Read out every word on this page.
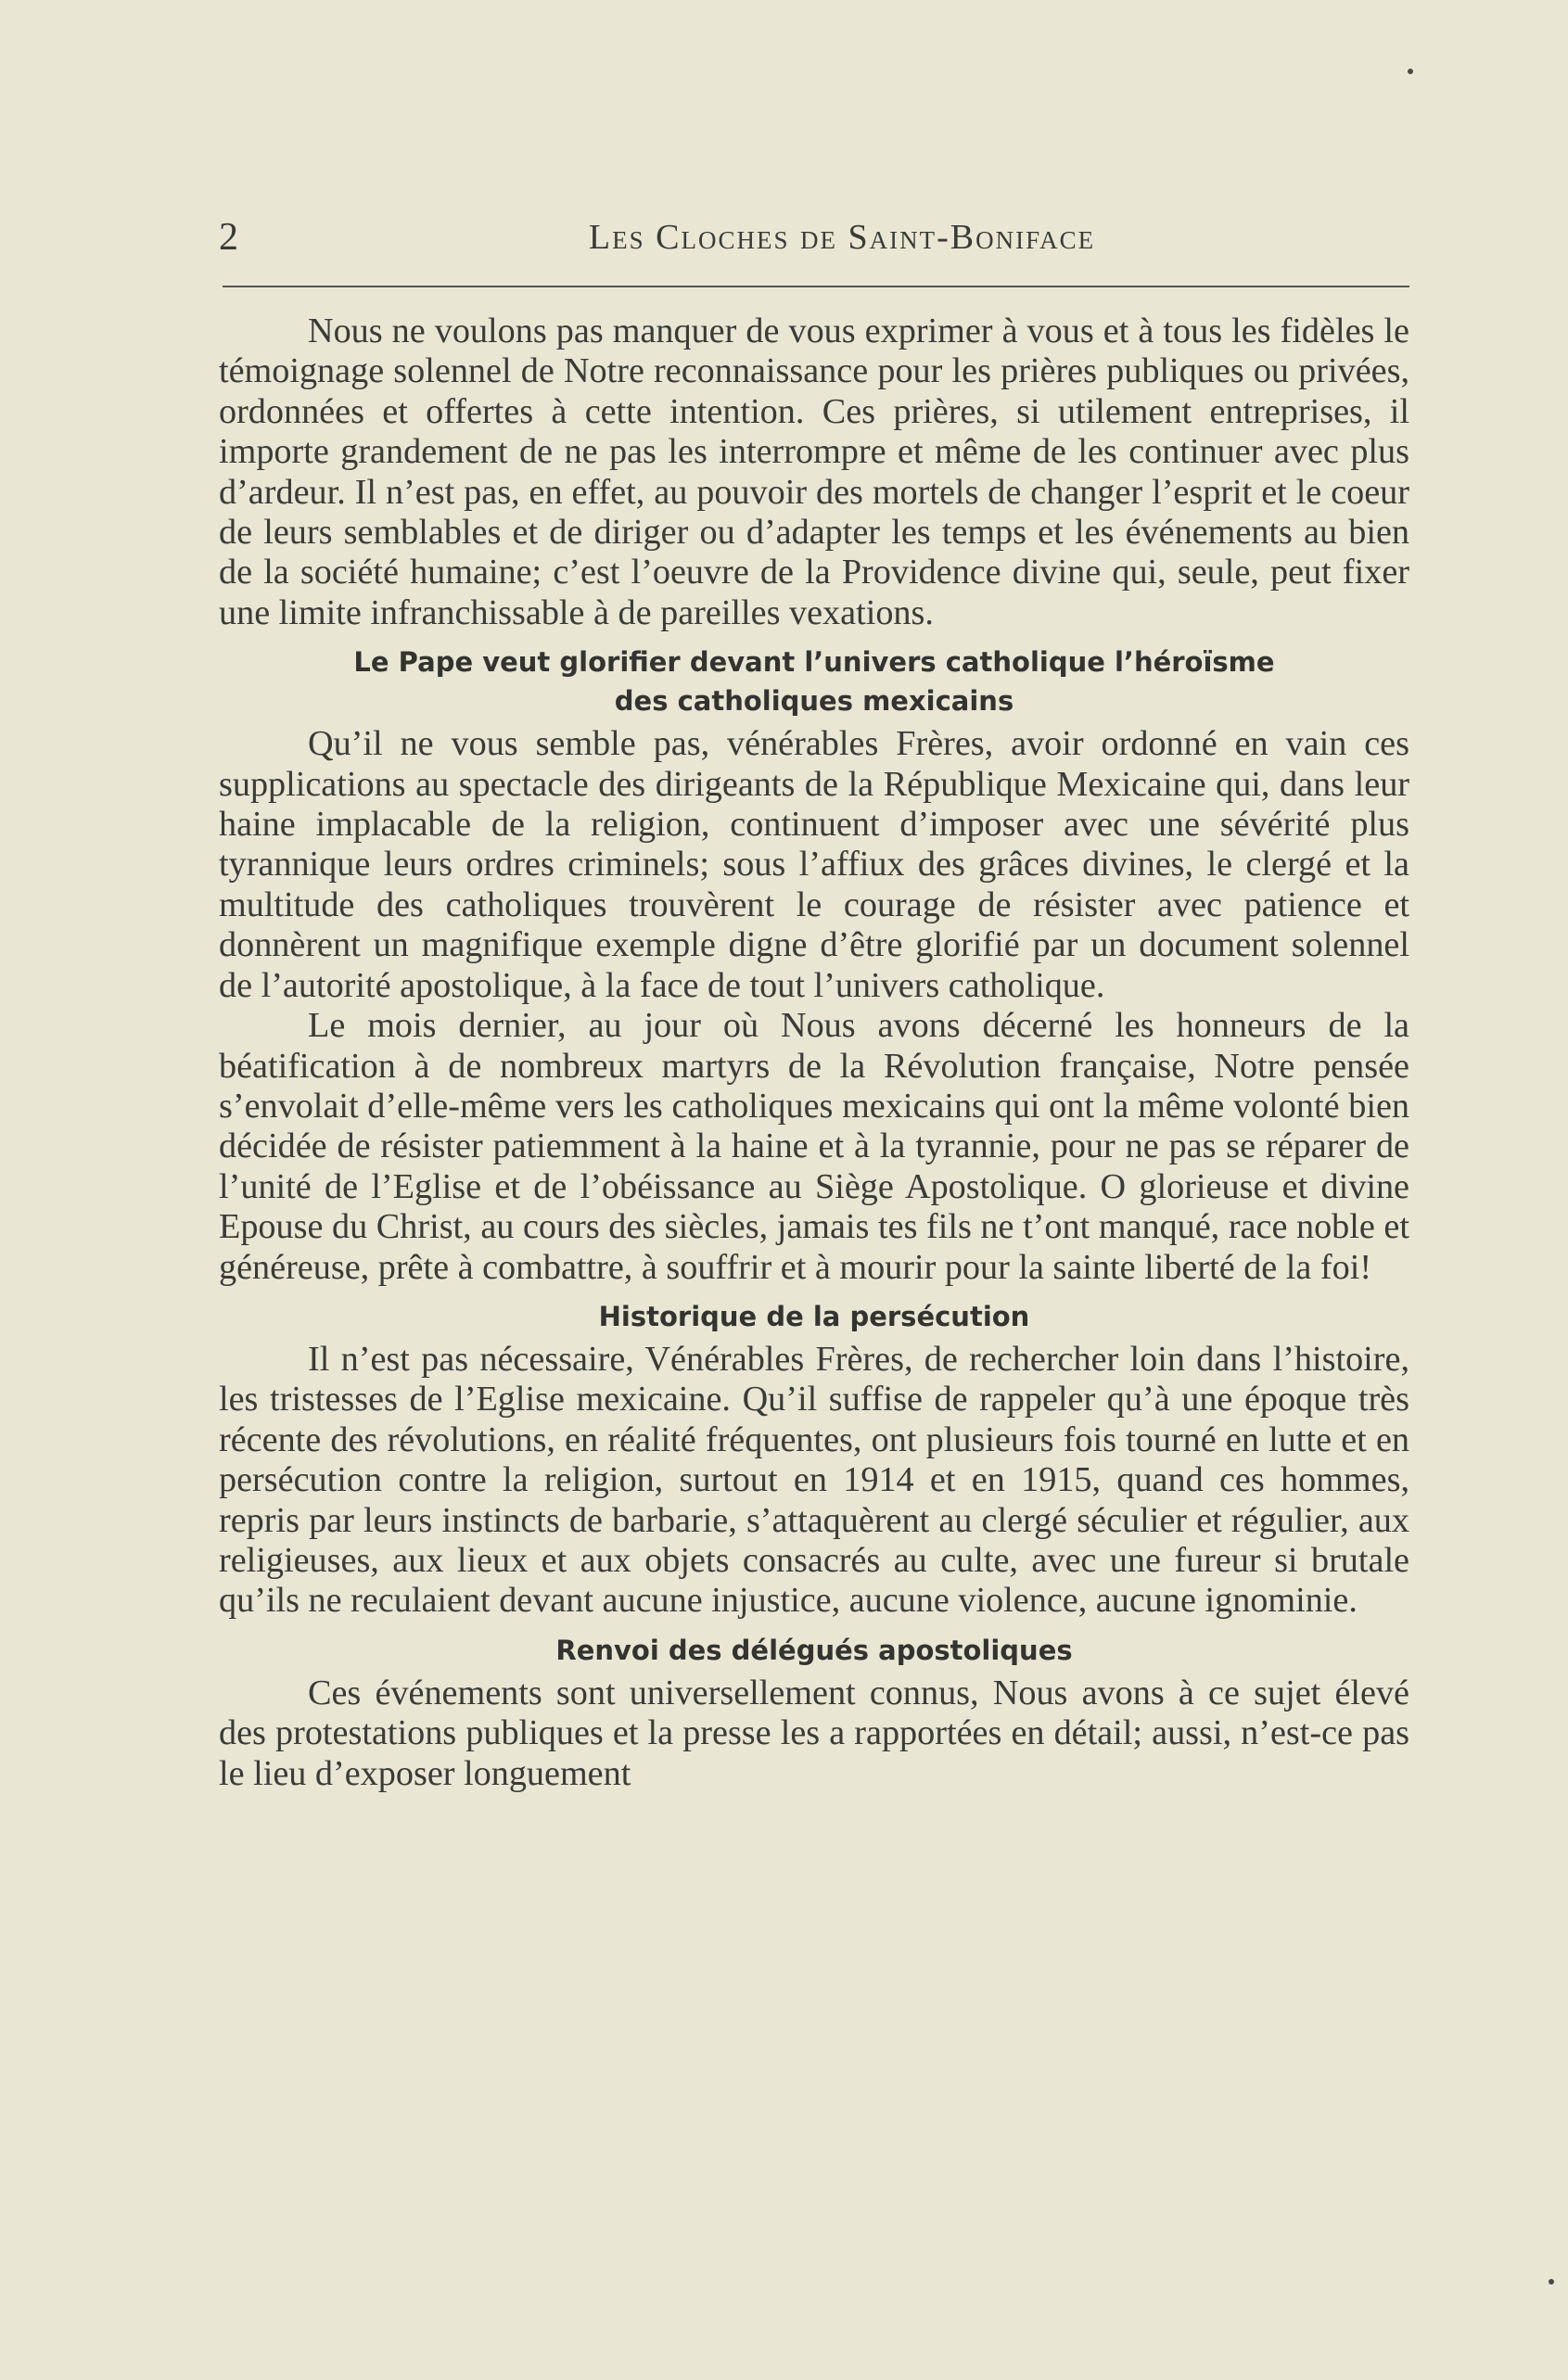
2	Les Cloches de Saint-Boniface

Nous ne voulons pas manquer de vous exprimer à vous et à tous les fidèles le témoignage solennel de Notre reconnaissance pour les prières publiques ou privées, ordonnées et offertes à cette intention. Ces prières, si utilement entreprises, il importe grandement de ne pas les interrompre et même de les continuer avec plus d’ardeur. Il n’est pas, en effet, au pouvoir des mortels de changer l’esprit et le coeur de leurs semblables et de diriger ou d’adapter les temps et les événements au bien de la société humaine; c’est l’oeuvre de la Providence divine qui, seule, peut fixer une limite infranchissable à de pareilles vexations.

Le Pape veut glorifier devant l’univers catholique l’héroïsme
des catholiques mexicains

Qu’il ne vous semble pas, vénérables Frères, avoir ordonné en vain ces supplications au spectacle des dirigeants de la République Mexicaine qui, dans leur haine implacable de la religion, continuent d’imposer avec une sévérité plus tyrannique leurs ordres criminels; sous l’affiux des grâces divines, le clergé et la multitude des catholiques trouvèrent le courage de résister avec patience et donnèrent un magnifique exemple digne d’être glorifié par un document solennel de l’autorité apostolique, à la face de tout l’univers catholique.

Le mois dernier, au jour où Nous avons décerné les honneurs de la béatification à de nombreux martyrs de la Révolution française, Notre pensée s’envolait d’elle-même vers les catholiques mexicains qui ont la même volonté bien décidée de résister patiemment à la haine et à la tyrannie, pour ne pas se réparer de l’unité de l’Eglise et de l’obéissance au Siège Apostolique. O glorieuse et divine Epouse du Christ, au cours des siècles, jamais tes fils ne t’ont manqué, race noble et généreuse, prête à combattre, à souffrir et à mourir pour la sainte liberté de la foi!

Historique de la persécution

Il n’est pas nécessaire, Vénérables Frères, de rechercher loin dans l’histoire, les tristesses de l’Eglise mexicaine. Qu’il suffise de rappeler qu’à une époque très récente des révolutions, en réalité fréquentes, ont plusieurs fois tourné en lutte et en persécution contre la religion, surtout en 1914 et en 1915, quand ces hommes, repris par leurs instincts de barbarie, s’attaquèrent au clergé séculier et régulier, aux religieuses, aux lieux et aux objets consacrés au culte, avec une fureur si brutale qu’ils ne reculaient devant aucune injustice, aucune violence, aucune ignominie.

Renvoi des délégués apostoliques

Ces événements sont universellement connus, Nous avons à ce sujet élevé des protestations publiques et la presse les a rapportées en détail; aussi, n’est-ce pas le lieu d’exposer longuement
